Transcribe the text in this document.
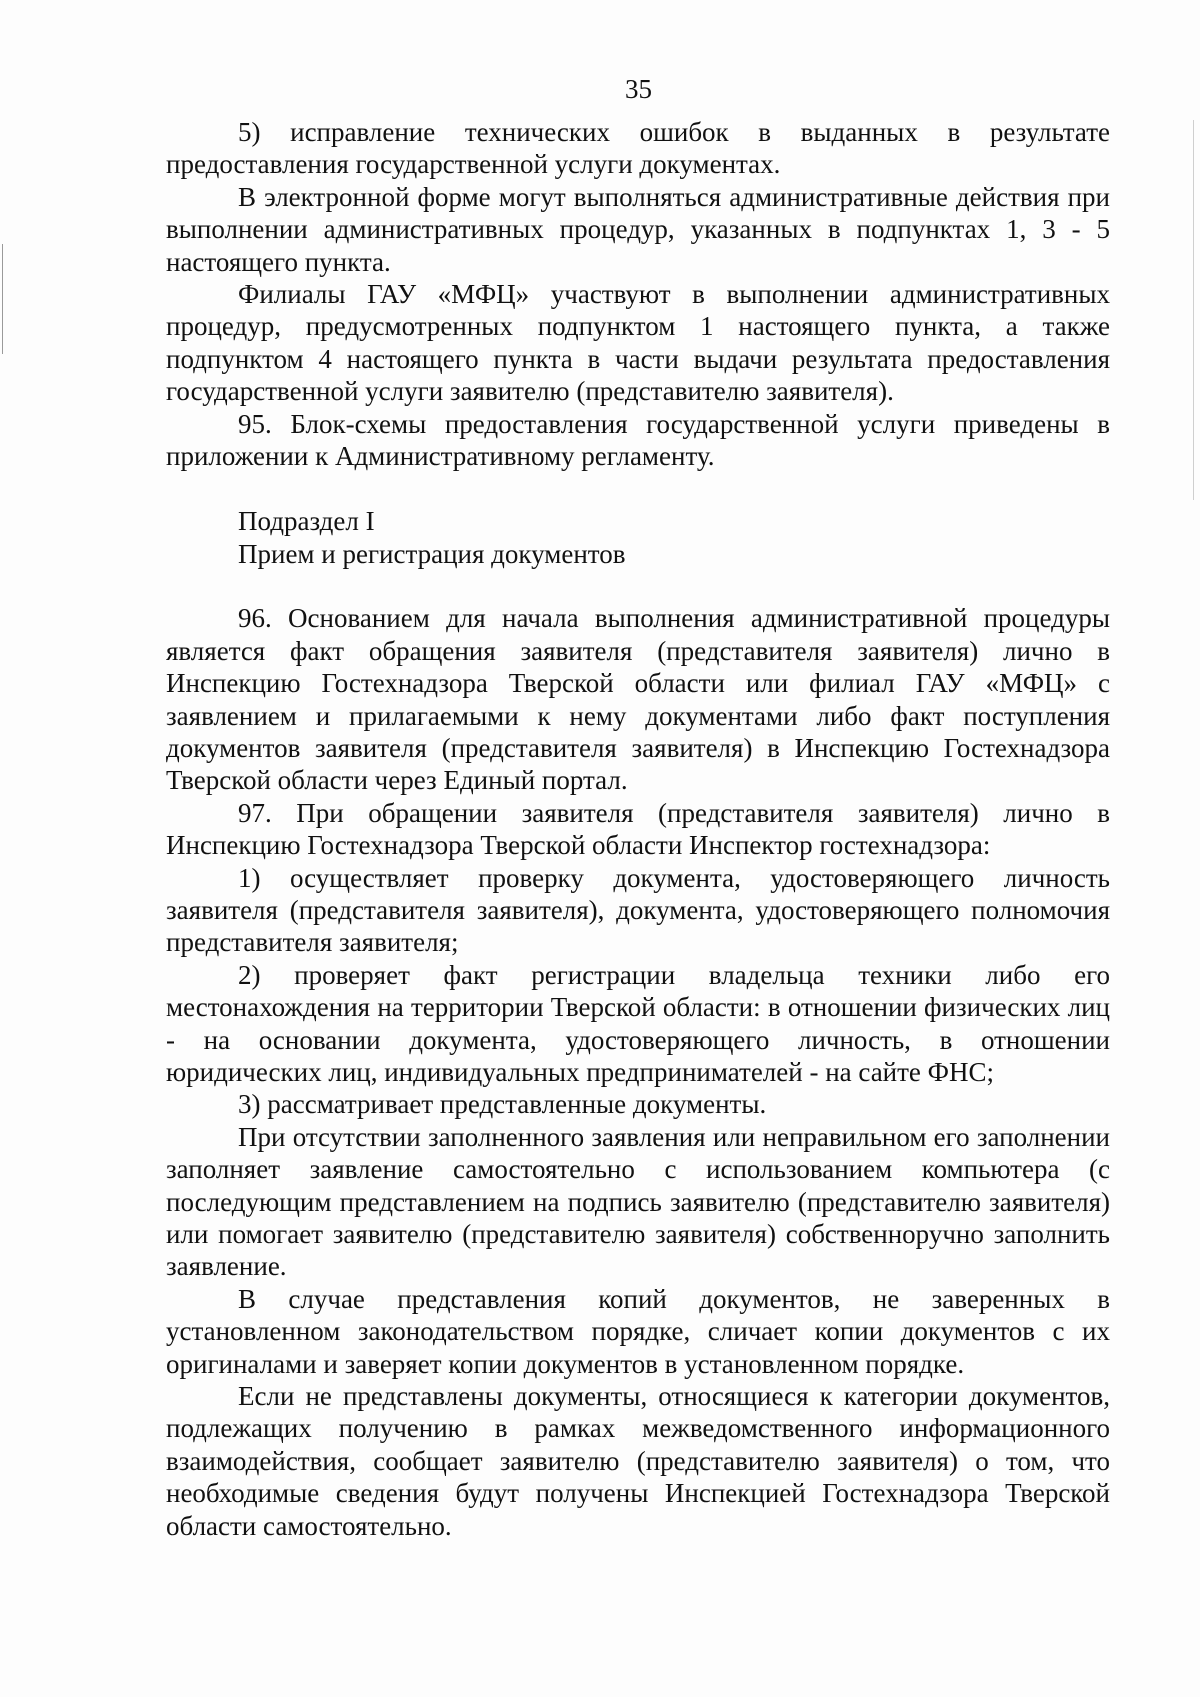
35

5) исправление технических ошибок в выданных в результате предоставления государственной услуги документах.

В электронной форме могут выполняться административные действия при выполнении административных процедур, указанных в подпунктах 1, 3 - 5 настоящего пункта.

Филиалы ГАУ «МФЦ» участвуют в выполнении административных процедур, предусмотренных подпунктом 1 настоящего пункта, а также подпунктом 4 настоящего пункта в части выдачи результата предоставления государственной услуги заявителю (представителю заявителя).

95. Блок-схемы предоставления государственной услуги приведены в приложении к Административному регламенту.

Подраздел I

Прием и регистрация документов

96. Основанием для начала выполнения административной процедуры является факт обращения заявителя (представителя заявителя) лично в Инспекцию Гостехнадзора Тверской области или филиал ГАУ «МФЦ» с заявлением и прилагаемыми к нему документами либо факт поступления документов заявителя (представителя заявителя) в Инспекцию Гостехнадзора Тверской области через Единый портал.

97. При обращении заявителя (представителя заявителя) лично в Инспекцию Гостехнадзора Тверской области Инспектор гостехнадзора:

1) осуществляет проверку документа, удостоверяющего личность заявителя (представителя заявителя), документа, удостоверяющего полномочия представителя заявителя;

2) проверяет факт регистрации владельца техники либо его местонахождения на территории Тверской области: в отношении физических лиц - на основании документа, удостоверяющего личность, в отношении юридических лиц, индивидуальных предпринимателей - на сайте ФНС;

3) рассматривает представленные документы.

При отсутствии заполненного заявления или неправильном его заполнении заполняет заявление самостоятельно с использованием компьютера (с последующим представлением на подпись заявителю (представителю заявителя) или помогает заявителю (представителю заявителя) собственноручно заполнить заявление.

В случае представления копий документов, не заверенных в установленном законодательством порядке, сличает копии документов с их оригиналами и заверяет копии документов в установленном порядке.

Если не представлены документы, относящиеся к категории документов, подлежащих получению в рамках межведомственного информационного взаимодействия, сообщает заявителю (представителю заявителя) о том, что необходимые сведения будут получены Инспекцией Гостехнадзора Тверской области самостоятельно.
